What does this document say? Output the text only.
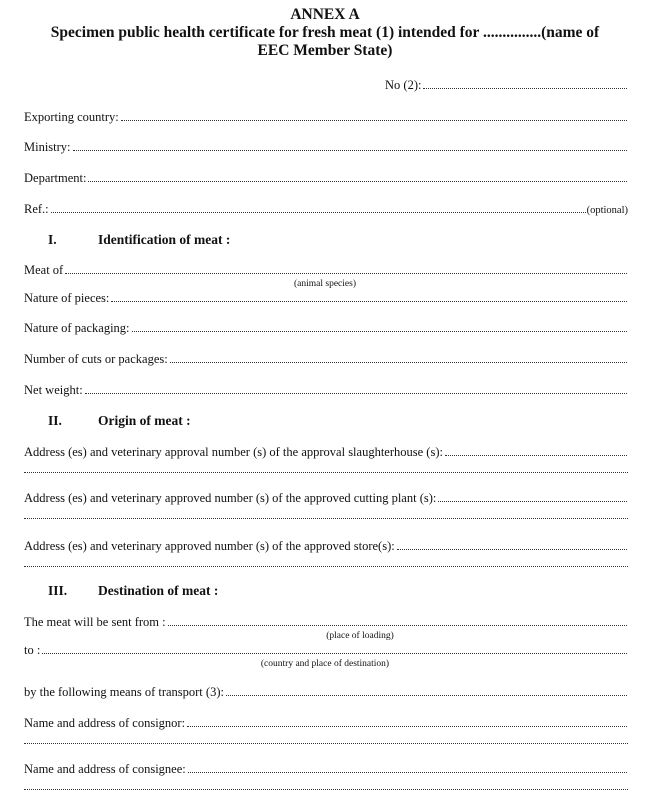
ANNEX A
Specimen public health certificate for fresh meat (1) intended for ...............(name of
EEC Member State)
No (2):
Exporting country:
Ministry:
Department:
Ref.:	(optional)
I.	Identification of meat :
Meat of
(animal species)
Nature of pieces:
Nature of packaging:
Number of cuts or packages:
Net weight:
II.	Origin of meat :
Address (es) and veterinary approval number (s) of the approval slaughterhouse (s):
Address (es) and veterinary approved number (s) of the approved cutting plant (s):
Address (es) and veterinary approved number (s) of the approved store(s):
III. Destination of meat :
The meat will be sent from :
(place of loading)
to :
(country and place of destination)
by the following means of transport (3):
Name and address of consignor:
Name and address of consignee:
